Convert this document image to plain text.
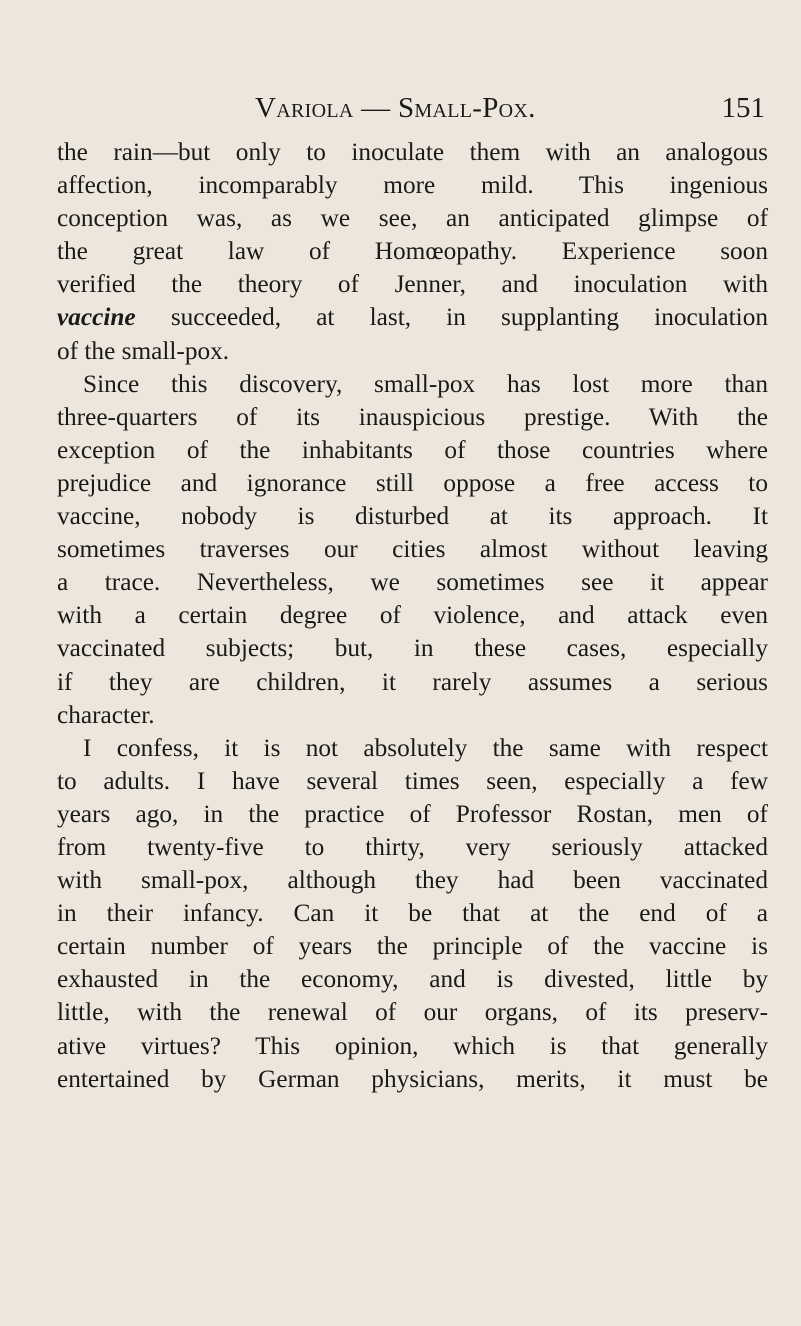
Variola — Small-Pox.	151
the rain—but only to inoculate them with an analogous
affection, incomparably more mild. This ingenious
conception was, as we see, an anticipated glimpse of
the great law of Homœopathy. Experience soon
verified the theory of Jenner, and inoculation with
vaccine succeeded, at last, in supplanting inoculation
of the small-pox.
Since this discovery, small-pox has lost more than
three-quarters of its inauspicious prestige. With the
exception of the inhabitants of those countries where
prejudice and ignorance still oppose a free access to
vaccine, nobody is disturbed at its approach. It
sometimes traverses our cities almost without leaving
a trace. Nevertheless, we sometimes see it appear
with a certain degree of violence, and attack even
vaccinated subjects; but, in these cases, especially
if they are children, it rarely assumes a serious
character.
I confess, it is not absolutely the same with respect
to adults. I have several times seen, especially a few
years ago, in the practice of Professor Rostan, men of
from twenty-five to thirty, very seriously attacked
with small-pox, although they had been vaccinated
in their infancy. Can it be that at the end of a
certain number of years the principle of the vaccine is
exhausted in the economy, and is divested, little by
little, with the renewal of our organs, of its preserv-
ative virtues? This opinion, which is that generally
entertained by German physicians, merits, it must be
